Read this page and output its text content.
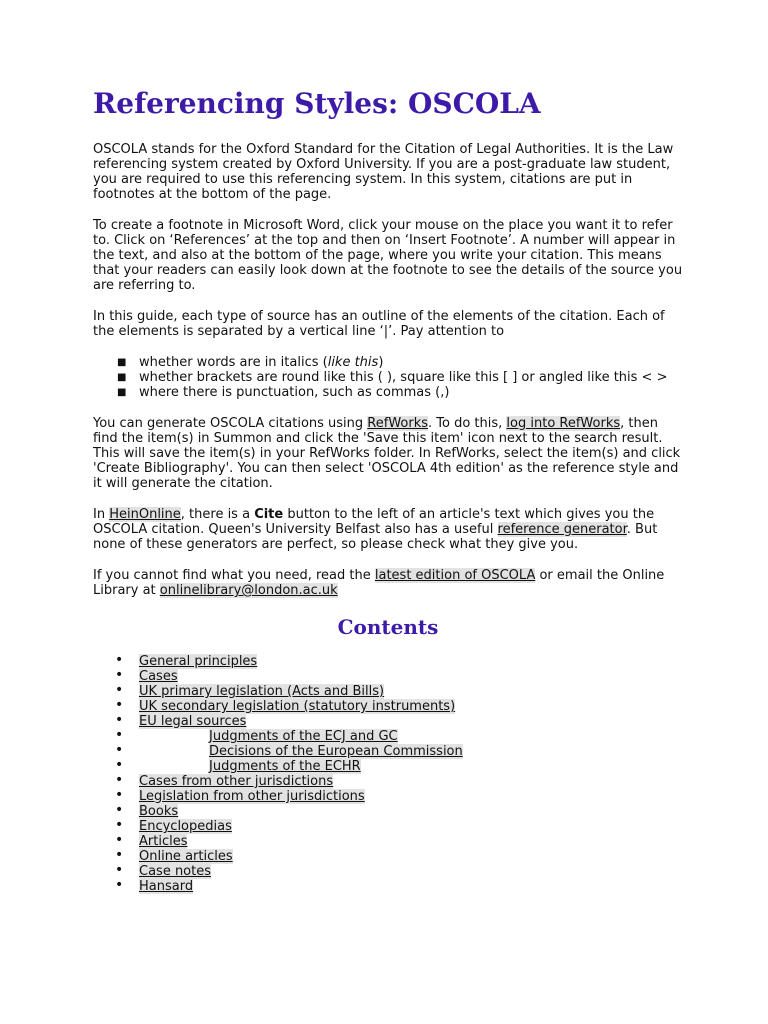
Referencing Styles: OSCOLA

OSCOLA stands for the Oxford Standard for the Citation of Legal Authorities. It is the Law referencing system created by Oxford University. If you are a post-graduate law student, you are required to use this referencing system. In this system, citations are put in footnotes at the bottom of the page.

To create a footnote in Microsoft Word, click your mouse on the place you want it to refer to. Click on ‘References’ at the top and then on ‘Insert Footnote’. A number will appear in the text, and also at the bottom of the page, where you write your citation. This means that your readers can easily look down at the footnote to see the details of the source you are referring to.

In this guide, each type of source has an outline of the elements of the citation. Each of the elements is separated by a vertical line ‘|’. Pay attention to

■ whether words are in italics (like this)
■ whether brackets are round like this ( ), square like this [ ] or angled like this < >
■ where there is punctuation, such as commas (,)

You can generate OSCOLA citations using RefWorks. To do this, log into RefWorks, then find the item(s) in Summon and click the 'Save this item' icon next to the search result. This will save the item(s) in your RefWorks folder. In RefWorks, select the item(s) and click 'Create Bibliography'. You can then select 'OSCOLA 4th edition' as the reference style and it will generate the citation.

In HeinOnline, there is a Cite button to the left of an article's text which gives you the OSCOLA citation. Queen's University Belfast also has a useful reference generator. But none of these generators are perfect, so please check what they give you.

If you cannot find what you need, read the latest edition of OSCOLA or email the Online Library at onlinelibrary@london.ac.uk

Contents
• General principles
• Cases
• UK primary legislation (Acts and Bills)
• UK secondary legislation (statutory instruments)
• EU legal sources
•	Judgments of the ECJ and GC
•	Decisions of the European Commission
•	Judgments of the ECHR
• Cases from other jurisdictions
• Legislation from other jurisdictions
• Books
• Encyclopedias
• Articles
• Online articles
• Case notes
• Hansard
